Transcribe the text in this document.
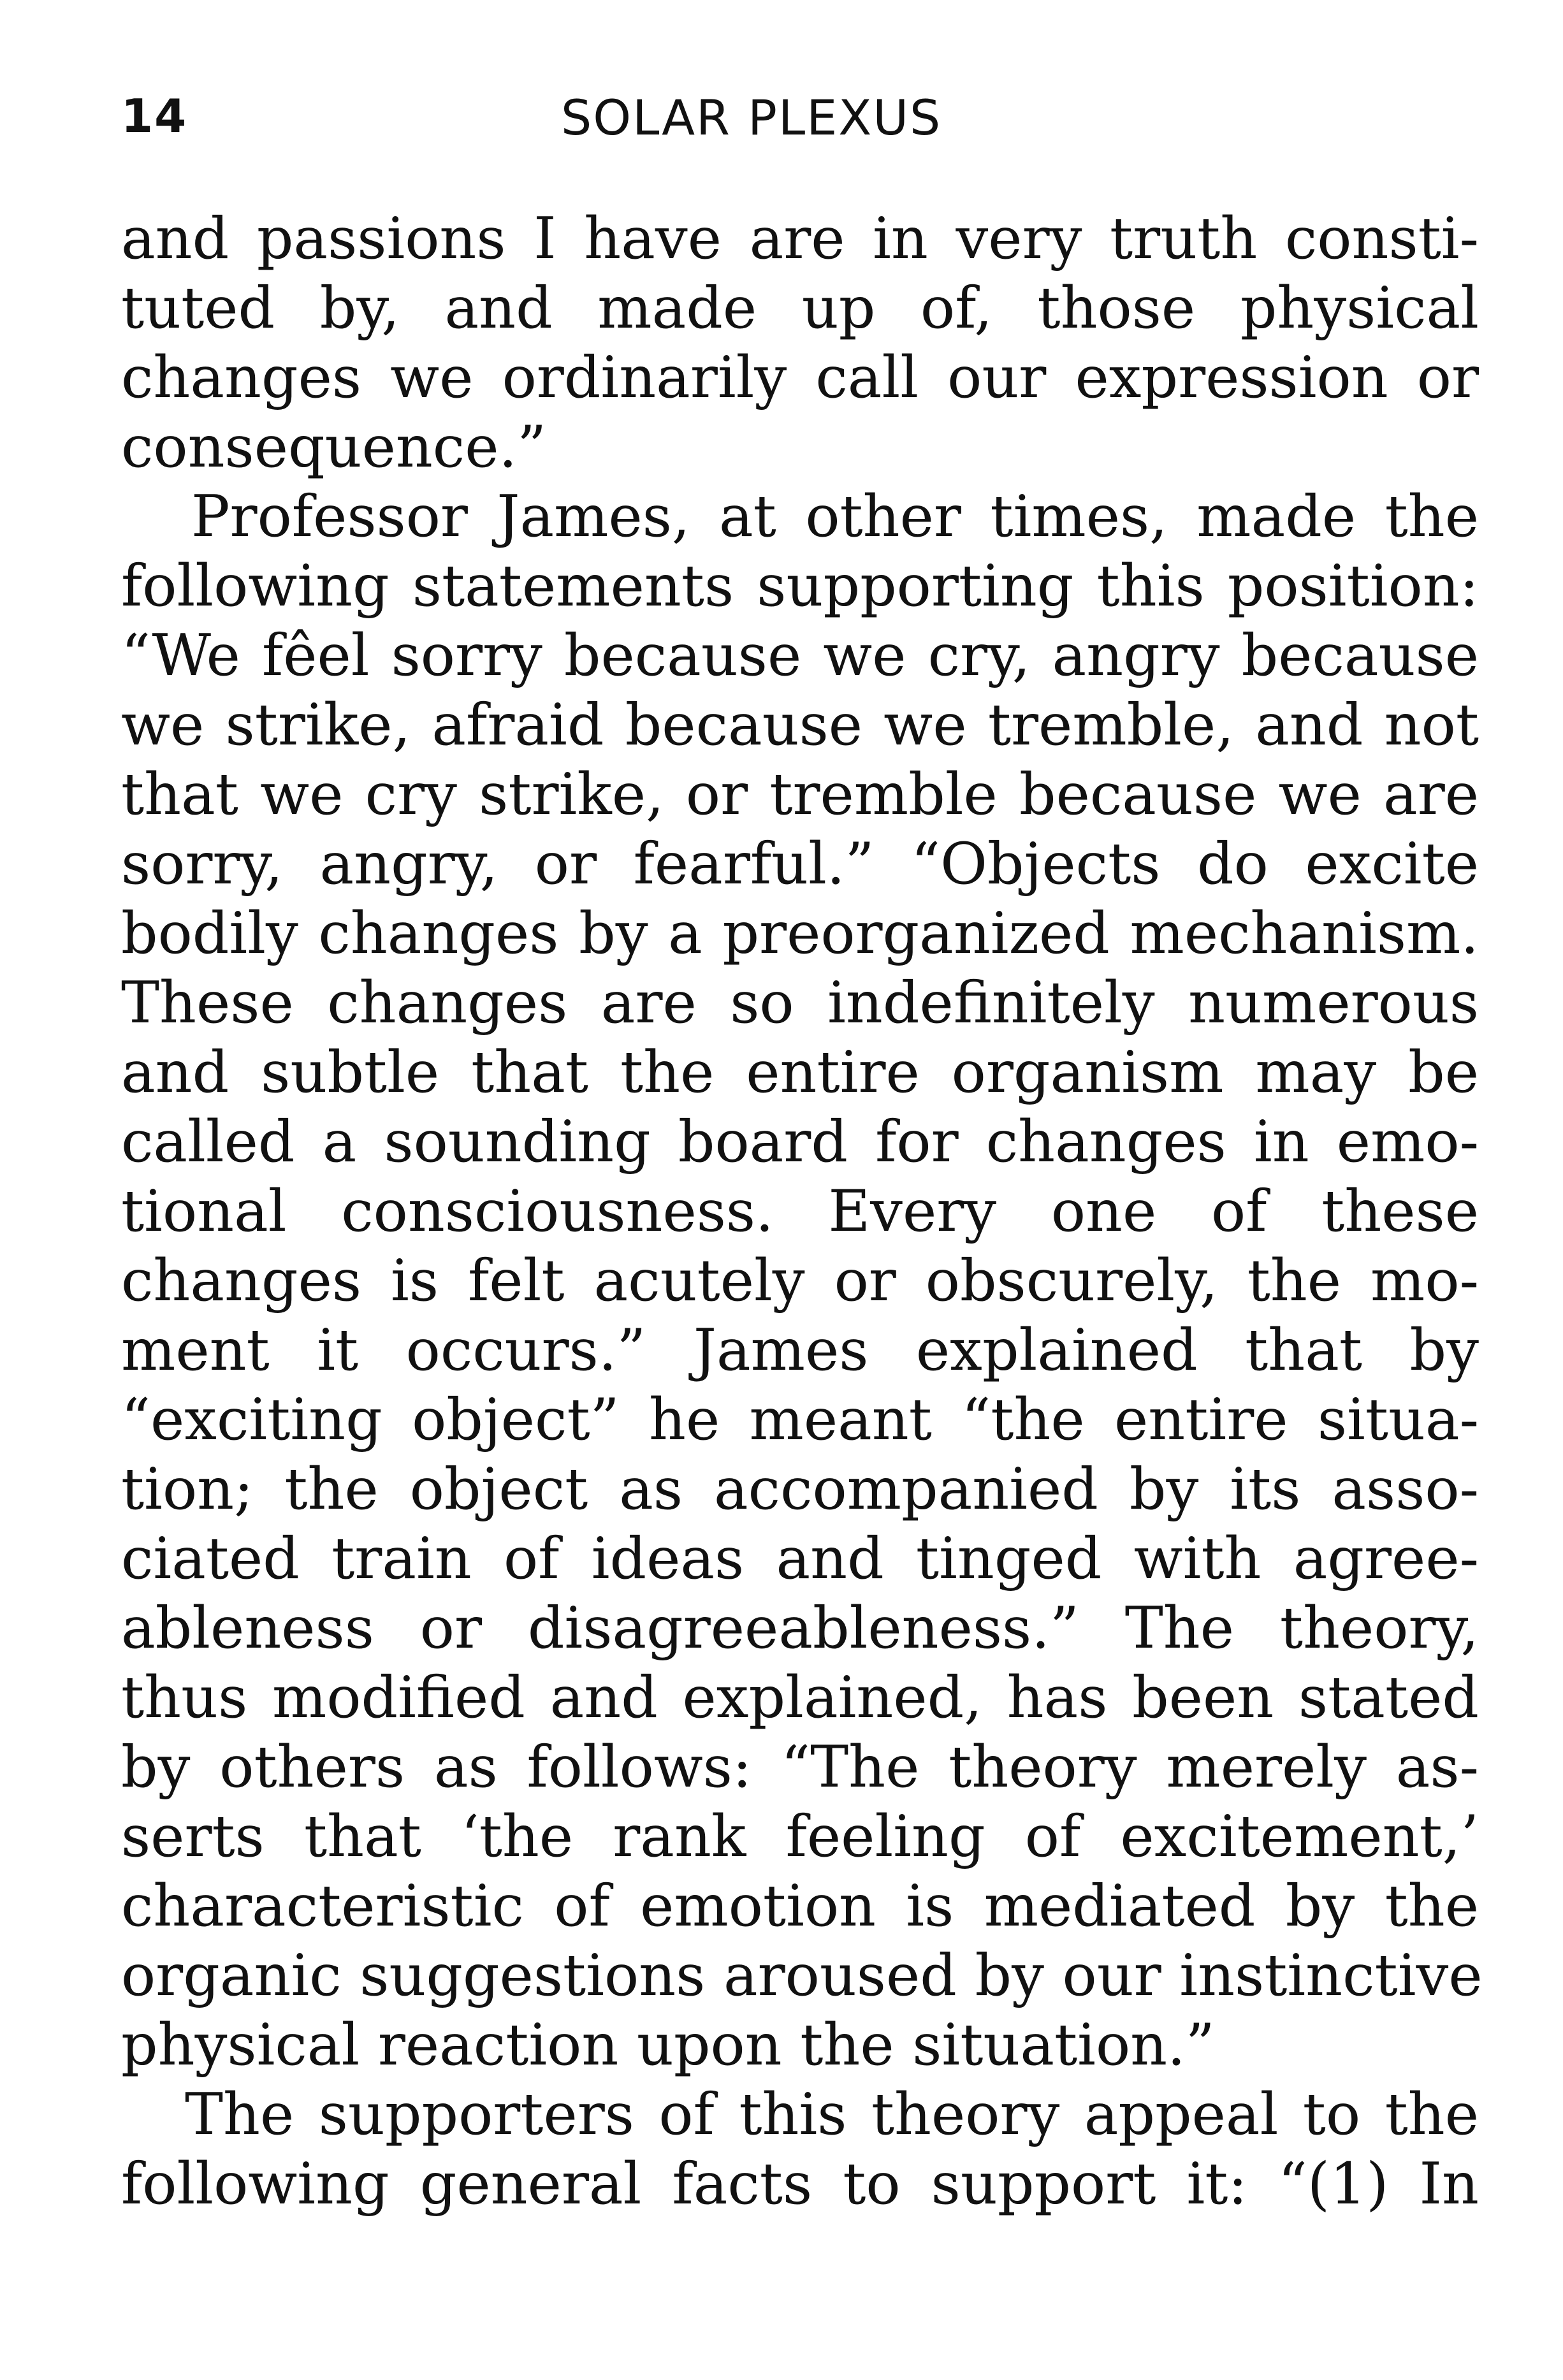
14	SOLAR PLEXUS
and passions I have are in very truth consti-
tuted by, and made up of, those physical
changes we ordinarily call our expression or
consequence.”
Professor James, at other times, made the
following statements supporting this position:
“We fêel sorry because we cry, angry because
we strike, afraid because we tremble, and not
that we cry strike, or tremble because we are
sorry, angry, or fearful.” “Objects do excite
bodily changes by a preorganized mechanism.
These changes are so indefinitely numerous
and subtle that the entire organism may be
called a sounding board for changes in emo-
tional consciousness. Every one of these
changes is felt acutely or obscurely, the mo-
ment it occurs.” James explained that by
“exciting object” he meant “the entire situa-
tion; the object as accompanied by its asso-
ciated train of ideas and tinged with agree-
ableness or disagreeableness.” The theory,
thus modified and explained, has been stated
by others as follows: “The theory merely as-
serts that ‘the rank feeling of excitement,’
characteristic of emotion is mediated by the
organic suggestions aroused by our instinctive
physical reaction upon the situation.”
The supporters of this theory appeal to the
following general facts to support it: “(1) In
